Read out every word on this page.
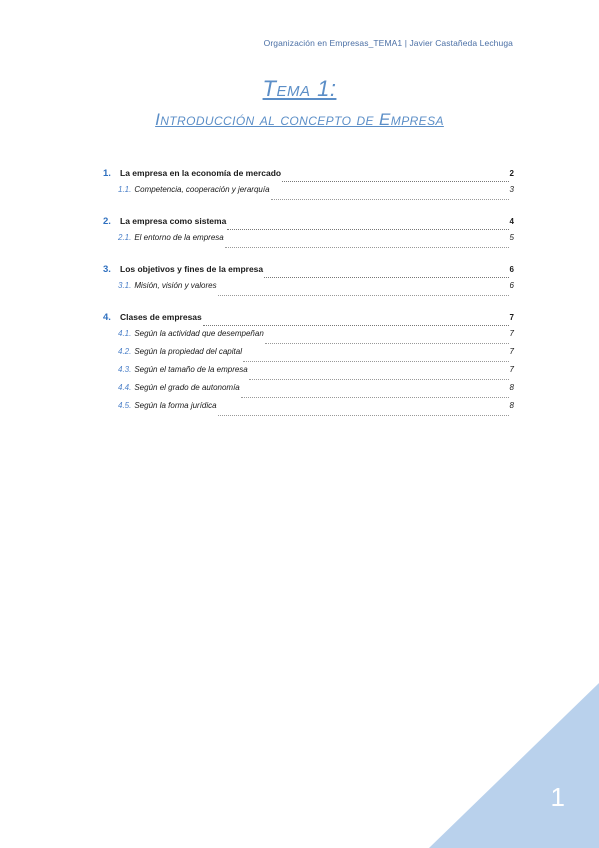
Organización en Empresas_TEMA1 | Javier Castañeda Lechuga
Tema 1:
Introducción al concepto de Empresa
1.	La empresa en la economía de mercado	2
1.1. Competencia, cooperación y jerarquía	3
2.	La empresa como sistema	4
2.1. El entorno de la empresa	5
3.	Los objetivos y fines de la empresa	6
3.1. Misión, visión y valores	6
4.	Clases de empresas	7
4.1. Según la actividad que desempeñan	7
4.2. Según la propiedad del capital	7
4.3. Según el tamaño de la empresa	7
4.4. Según el grado de autonomía	8
4.5. Según la forma jurídica	8
1
